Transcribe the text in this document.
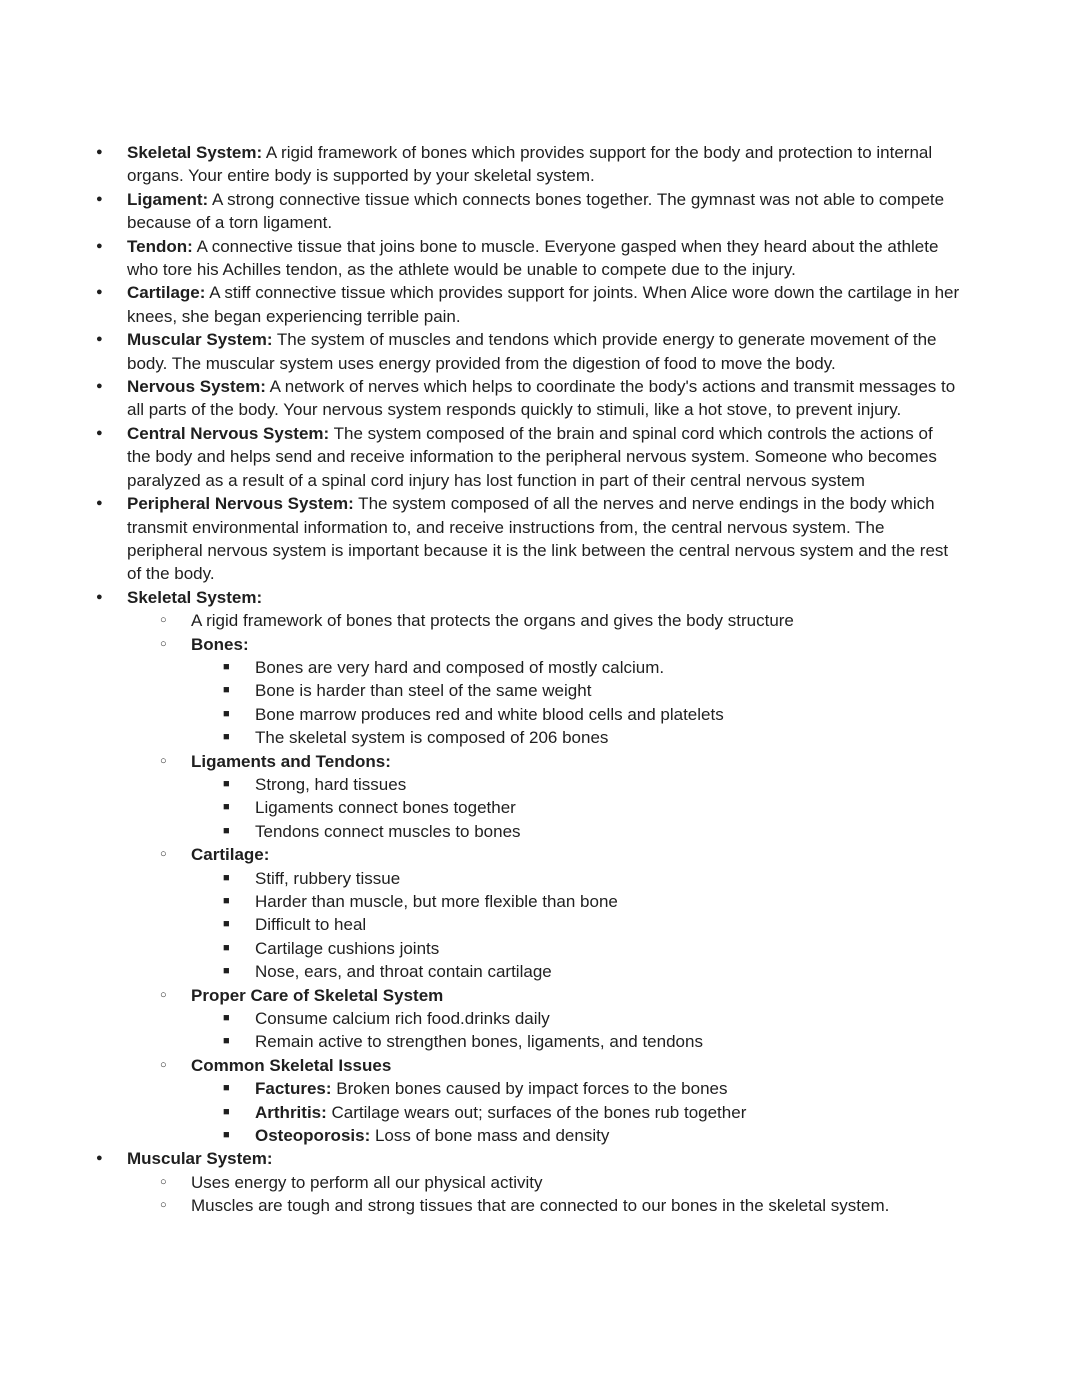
● Skeletal System: A rigid framework of bones which provides support for the body and protection to internal organs. Your entire body is supported by your skeletal system.
● Ligament: A strong connective tissue which connects bones together. The gymnast was not able to compete because of a torn ligament.
● Tendon: A connective tissue that joins bone to muscle. Everyone gasped when they heard about the athlete who tore his Achilles tendon, as the athlete would be unable to compete due to the injury.
● Cartilage: A stiff connective tissue which provides support for joints. When Alice wore down the cartilage in her knees, she began experiencing terrible pain.
● Muscular System: The system of muscles and tendons which provide energy to generate movement of the body. The muscular system uses energy provided from the digestion of food to move the body.
● Nervous System: A network of nerves which helps to coordinate the body's actions and transmit messages to all parts of the body. Your nervous system responds quickly to stimuli, like a hot stove, to prevent injury.
● Central Nervous System: The system composed of the brain and spinal cord which controls the actions of the body and helps send and receive information to the peripheral nervous system. Someone who becomes paralyzed as a result of a spinal cord injury has lost function in part of their central nervous system
● Peripheral Nervous System: The system composed of all the nerves and nerve endings in the body which transmit environmental information to, and receive instructions from, the central nervous system. The peripheral nervous system is important because it is the link between the central nervous system and the rest of the body.
● Skeletal System:
○ A rigid framework of bones that protects the organs and gives the body structure
○ Bones:
■ Bones are very hard and composed of mostly calcium.
■ Bone is harder than steel of the same weight
■ Bone marrow produces red and white blood cells and platelets
■ The skeletal system is composed of 206 bones
○ Ligaments and Tendons:
■ Strong, hard tissues
■ Ligaments connect bones together
■ Tendons connect muscles to bones
○ Cartilage:
■ Stiff, rubbery tissue
■ Harder than muscle, but more flexible than bone
■ Difficult to heal
■ Cartilage cushions joints
■ Nose, ears, and throat contain cartilage
○ Proper Care of Skeletal System
■ Consume calcium rich food.drinks daily
■ Remain active to strengthen bones, ligaments, and tendons
○ Common Skeletal Issues
■ Factures: Broken bones caused by impact forces to the bones
■ Arthritis: Cartilage wears out; surfaces of the bones rub together
■ Osteoporosis: Loss of bone mass and density
● Muscular System:
○ Uses energy to perform all our physical activity
○ Muscles are tough and strong tissues that are connected to our bones in the skeletal system.
